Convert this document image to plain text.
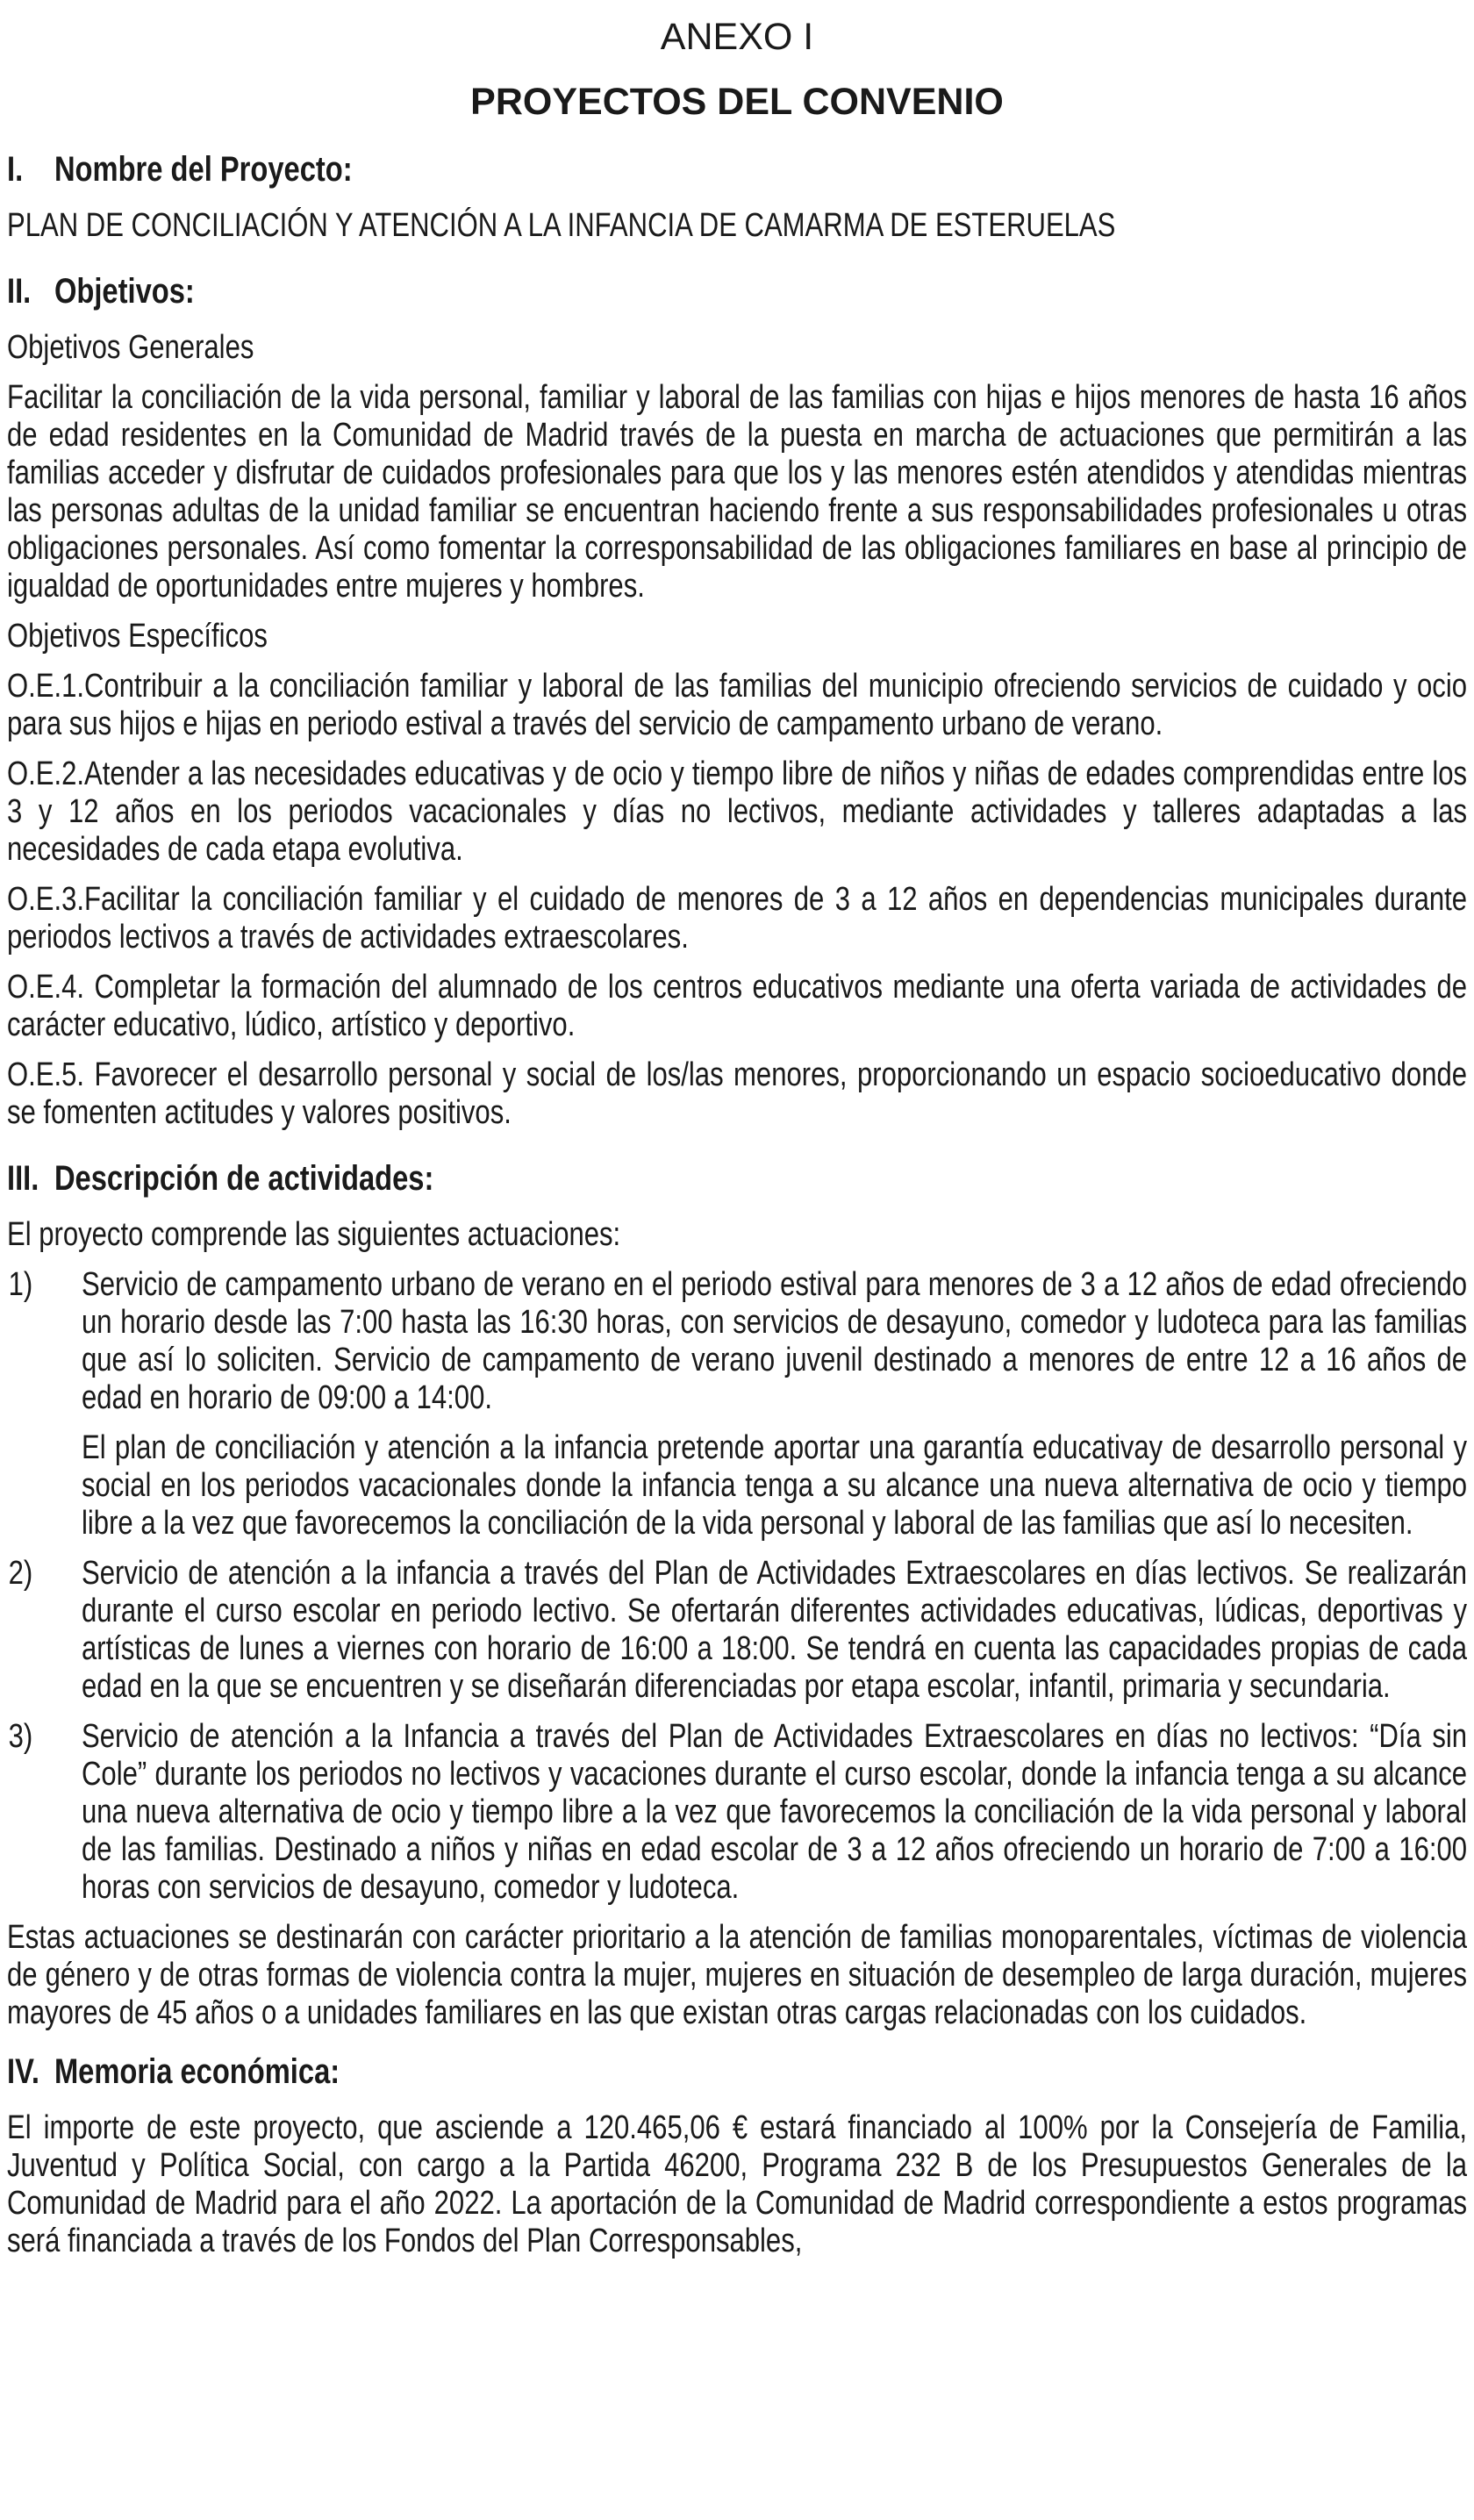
ANEXO I
PROYECTOS DEL CONVENIO
I. Nombre del Proyecto:
PLAN DE CONCILIACIÓN Y ATENCIÓN A LA INFANCIA DE CAMARMA DE ESTERUELAS
II. Objetivos:
Objetivos Generales
Facilitar la conciliación de la vida personal, familiar y laboral de las familias con hijas e hijos menores de hasta 16 años de edad residentes en la Comunidad de Madrid través de la puesta en marcha de actuaciones que permitirán a las familias acceder y disfrutar de cuidados profesionales para que los y las menores estén atendidos y atendidas mientras las personas adultas de la unidad familiar se encuentran haciendo frente a sus responsabilidades profesionales u otras obligaciones personales. Así como fomentar la corresponsabilidad de las obligaciones familiares en base al principio de igualdad de oportunidades entre mujeres y hombres.
Objetivos Específicos
O.E.1.Contribuir a la conciliación familiar y laboral de las familias del municipio ofreciendo servicios de cuidado y ocio para sus hijos e hijas en periodo estival a través del servicio de campamento urbano de verano.
O.E.2.Atender a las necesidades educativas y de ocio y tiempo libre de niños y niñas de edades comprendidas entre los 3 y 12 años en los periodos vacacionales y días no lectivos, mediante actividades y talleres adaptadas a las necesidades de cada etapa evolutiva.
O.E.3.Facilitar la conciliación familiar y el cuidado de menores de 3 a 12 años en dependencias municipales durante periodos lectivos a través de actividades extraescolares.
O.E.4. Completar la formación del alumnado de los centros educativos mediante una oferta variada de actividades de carácter educativo, lúdico, artístico y deportivo.
O.E.5. Favorecer el desarrollo personal y social de los/las menores, proporcionando un espacio socioeducativo donde se fomenten actitudes y valores positivos.
III. Descripción de actividades:
El proyecto comprende las siguientes actuaciones:
1) Servicio de campamento urbano de verano en el periodo estival para menores de 3 a 12 años de edad ofreciendo un horario desde las 7:00 hasta las 16:30 horas, con servicios de desayuno, comedor y ludoteca para las familias que así lo soliciten. Servicio de campamento de verano juvenil destinado a menores de entre 12 a 16 años de edad en horario de 09:00 a 14:00.
El plan de conciliación y atención a la infancia pretende aportar una garantía educativay de desarrollo personal y social en los periodos vacacionales donde la infancia tenga a su alcance una nueva alternativa de ocio y tiempo libre a la vez que favorecemos la conciliación de la vida personal y laboral de las familias que así lo necesiten.
2) Servicio de atención a la infancia a través del Plan de Actividades Extraescolares en días lectivos. Se realizarán durante el curso escolar en periodo lectivo. Se ofertarán diferentes actividades educativas, lúdicas, deportivas y artísticas de lunes a viernes con horario de 16:00 a 18:00. Se tendrá en cuenta las capacidades propias de cada edad en la que se encuentren y se diseñarán diferenciadas por etapa escolar, infantil, primaria y secundaria.
3) Servicio de atención a la Infancia a través del Plan de Actividades Extraescolares en días no lectivos: “Día sin Cole” durante los periodos no lectivos y vacaciones durante el curso escolar, donde la infancia tenga a su alcance una nueva alternativa de ocio y tiempo libre a la vez que favorecemos la conciliación de la vida personal y laboral de las familias. Destinado a niños y niñas en edad escolar de 3 a 12 años ofreciendo un horario de 7:00 a 16:00 horas con servicios de desayuno, comedor y ludoteca.
Estas actuaciones se destinarán con carácter prioritario a la atención de familias monoparentales, víctimas de violencia de género y de otras formas de violencia contra la mujer, mujeres en situación de desempleo de larga duración, mujeres mayores de 45 años o a unidades familiares en las que existan otras cargas relacionadas con los cuidados.
IV. Memoria económica:
El importe de este proyecto, que asciende a 120.465,06 € estará financiado al 100% por la Consejería de Familia, Juventud y Política Social, con cargo a la Partida 46200, Programa 232 B de los Presupuestos Generales de la Comunidad de Madrid para el año 2022. La aportación de la Comunidad de Madrid correspondiente a estos programas será financiada a través de los Fondos del Plan Corresponsables,
